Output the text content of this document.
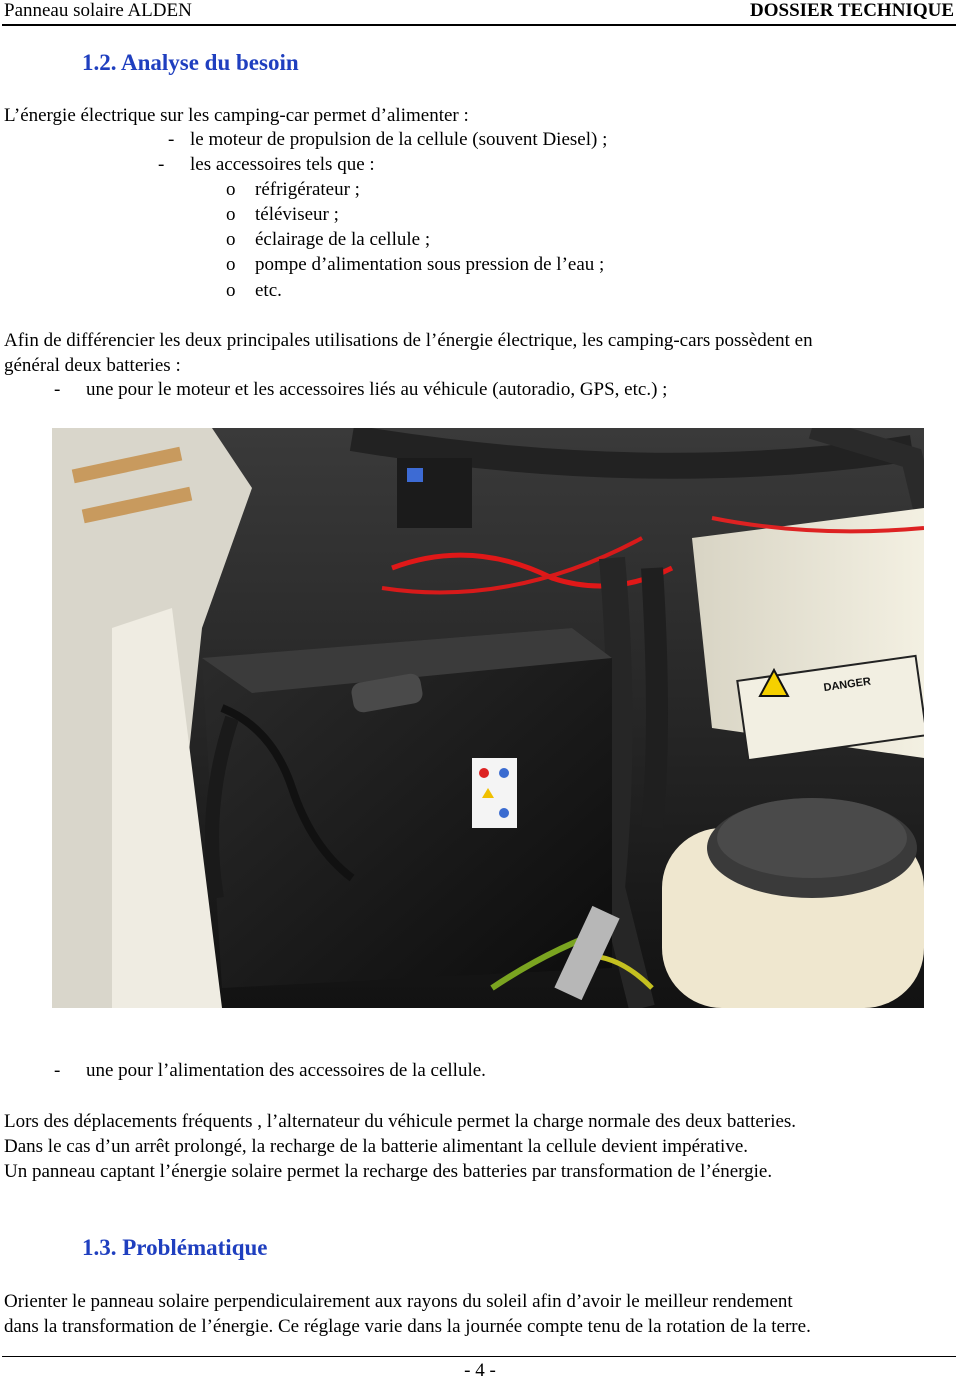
Panneau solaire ALDEN	DOSSIER TECHNIQUE
1.2. Analyse du besoin
L’énergie électrique sur les camping-car permet d’alimenter :
- le moteur de propulsion de la cellule (souvent Diesel) ;
- les accessoires tels que :
o réfrigérateur ;
o téléviseur ;
o éclairage de la cellule ;
o pompe d’alimentation sous pression de l’eau ;
o etc.
Afin de différencier les deux principales utilisations de l’énergie électrique, les camping-cars possèdent en
général deux batteries :
- une pour le moteur et les accessoires liés au véhicule (autoradio, GPS, etc.) ;
DANGER
- une pour l’alimentation des accessoires de la cellule.
Lors des déplacements fréquents , l’alternateur du véhicule permet la charge normale des deux batteries.
Dans le cas d’un arrêt prolongé, la recharge de la batterie alimentant la cellule devient impérative.
Un panneau captant l’énergie solaire permet la recharge des batteries par transformation de l’énergie.
1.3. Problématique
Orienter le panneau solaire perpendiculairement aux rayons du soleil afin d’avoir le meilleur rendement
dans la transformation de l’énergie. Ce réglage varie dans la journée compte tenu de la rotation de la terre.
- 4 -
